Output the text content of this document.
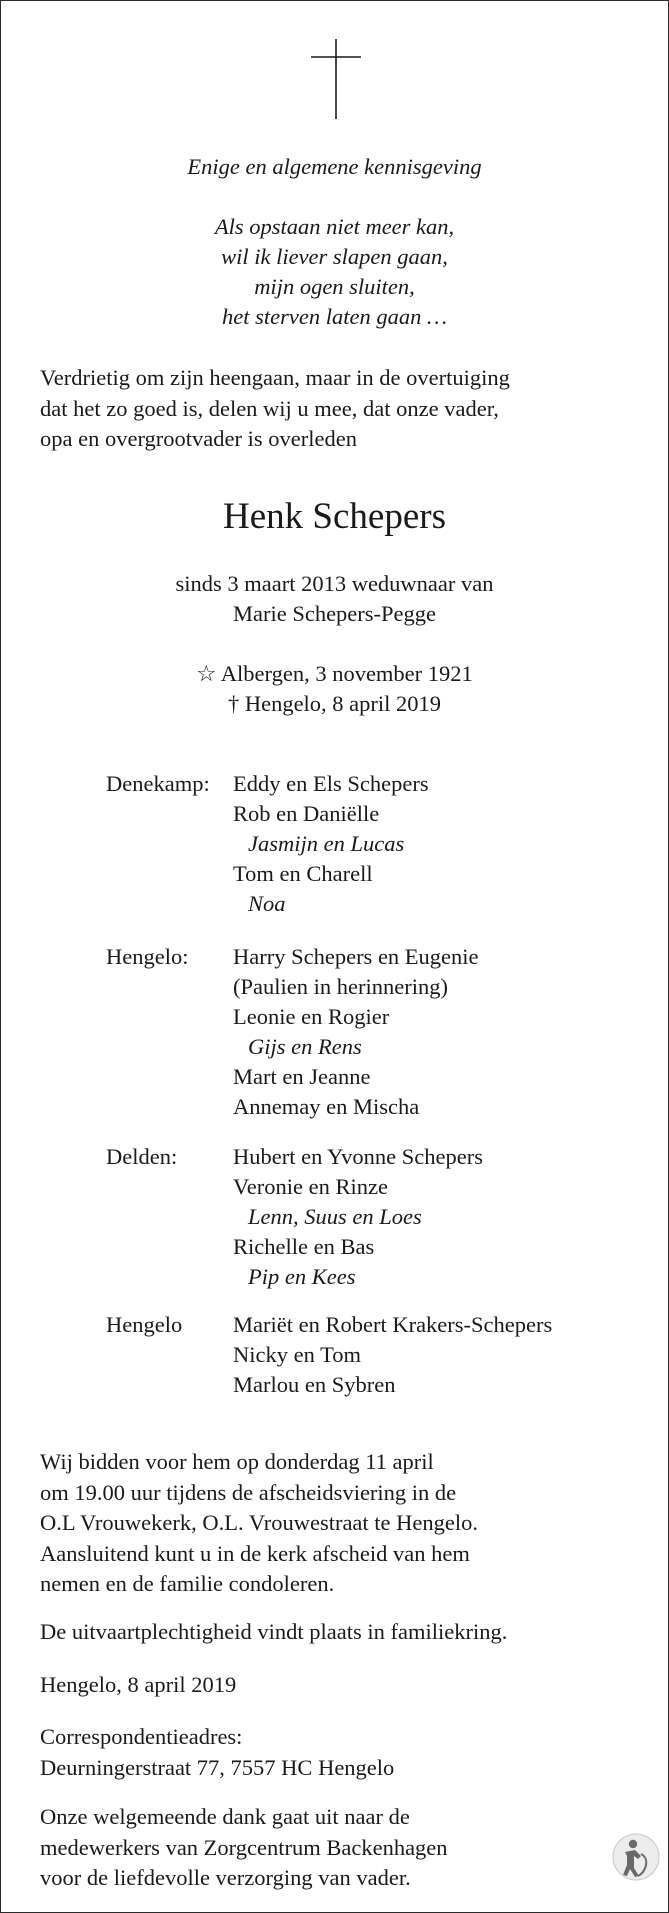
Enige en algemene kennisgeving
Als opstaan niet meer kan,
wil ik liever slapen gaan,
mijn ogen sluiten,
het sterven laten gaan …
Verdrietig om zijn heengaan, maar in de overtuiging
dat het zo goed is, delen wij u mee, dat onze vader,
opa en overgrootvader is overleden
Henk Schepers
sinds 3 maart 2013 weduwnaar van
Marie Schepers-Pegge
☆ Albergen, 3 november 1921
† Hengelo, 8 april 2019
Denekamp: Eddy en Els Schepers
Rob en Daniëlle
Jasmijn en Lucas
Tom en Charell
Noa
Hengelo: Harry Schepers en Eugenie
(Paulien in herinnering)
Leonie en Rogier
Gijs en Rens
Mart en Jeanne
Annemay en Mischa
Delden: Hubert en Yvonne Schepers
Veronie en Rinze
Lenn, Suus en Loes
Richelle en Bas
Pip en Kees
Hengelo Mariët en Robert Krakers-Schepers
Nicky en Tom
Marlou en Sybren
Wij bidden voor hem op donderdag 11 april
om 19.00 uur tijdens de afscheidsviering in de
O.L Vrouwekerk, O.L. Vrouwestraat te Hengelo.
Aansluitend kunt u in de kerk afscheid van hem
nemen en de familie condoleren.
De uitvaartplechtigheid vindt plaats in familiekring.
Hengelo, 8 april 2019
Correspondentieadres:
Deurningerstraat 77, 7557 HC Hengelo
Onze welgemeende dank gaat uit naar de
medewerkers van Zorgcentrum Backenhagen
voor de liefdevolle verzorging van vader.
